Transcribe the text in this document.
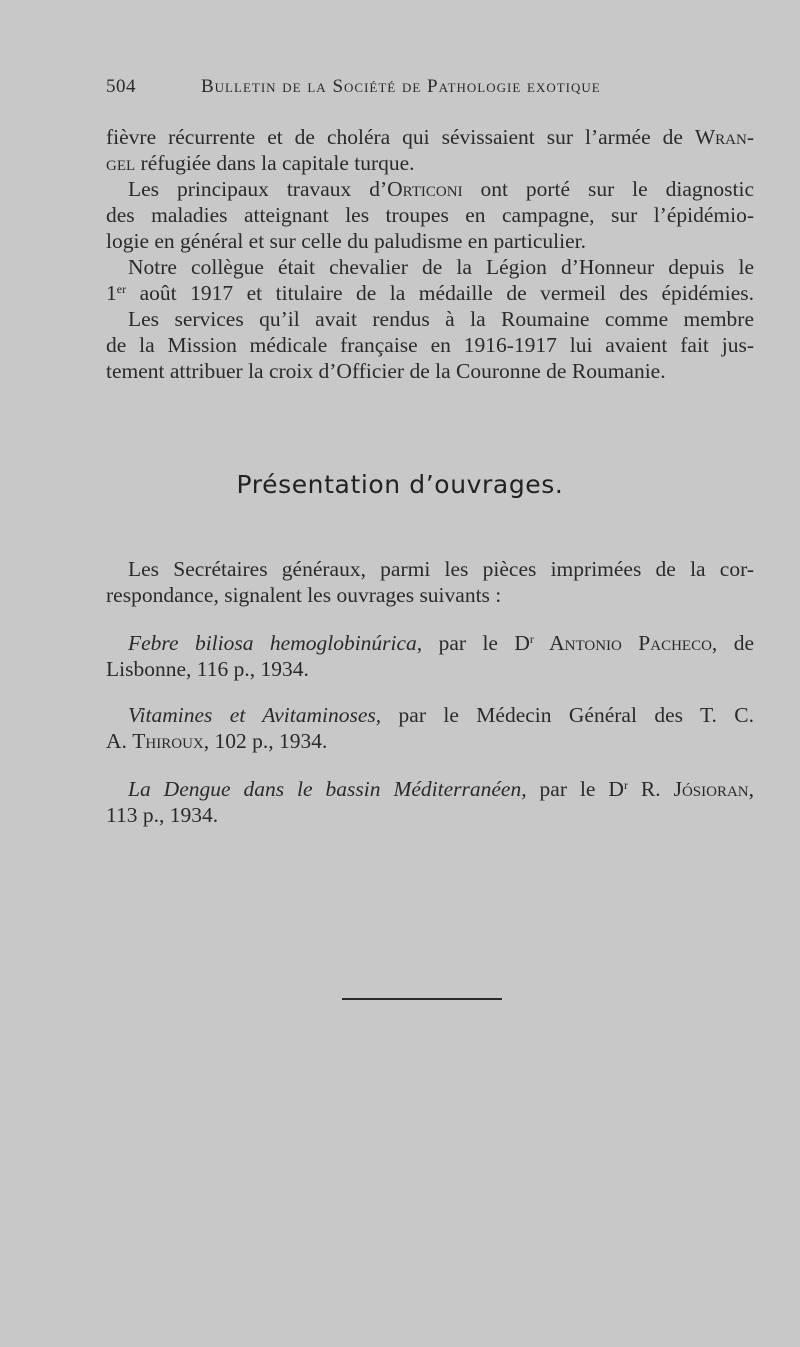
504	Bulletin de la Société de Pathologie exotique
fièvre récurrente et de choléra qui sévissaient sur l’armée de Wran-
gel réfugiée dans la capitale turque.
Les principaux travaux d’Orticoni ont porté sur le diagnostic
des maladies atteignant les troupes en campagne, sur l’épidémio-
logie en général et sur celle du paludisme en particulier.
Notre collègue était chevalier de la Légion d’Honneur depuis le
1er août 1917 et titulaire de la médaille de vermeil des épidémies.
Les services qu’il avait rendus à la Roumaine comme membre
de la Mission médicale française en 1916-1917 lui avaient fait jus-
tement attribuer la croix d’Officier de la Couronne de Roumanie.
Présentation d’ouvrages.
Les Secrétaires généraux, parmi les pièces imprimées de la cor-
respondance, signalent les ouvrages suivants :
Febre biliosa hemoglobinúrica, par le $D^r$ Antonio Pacheco, de
Lisbonne, 116 p., 1934.
Vitamines et Avitaminoses, par le Médecin Général des T. C.
A. Thiroux, 102 p., 1934.
La Dengue dans le bassin Méditerranéen, par le $D^r$ R. Jósioran,
113 p., 1934.
